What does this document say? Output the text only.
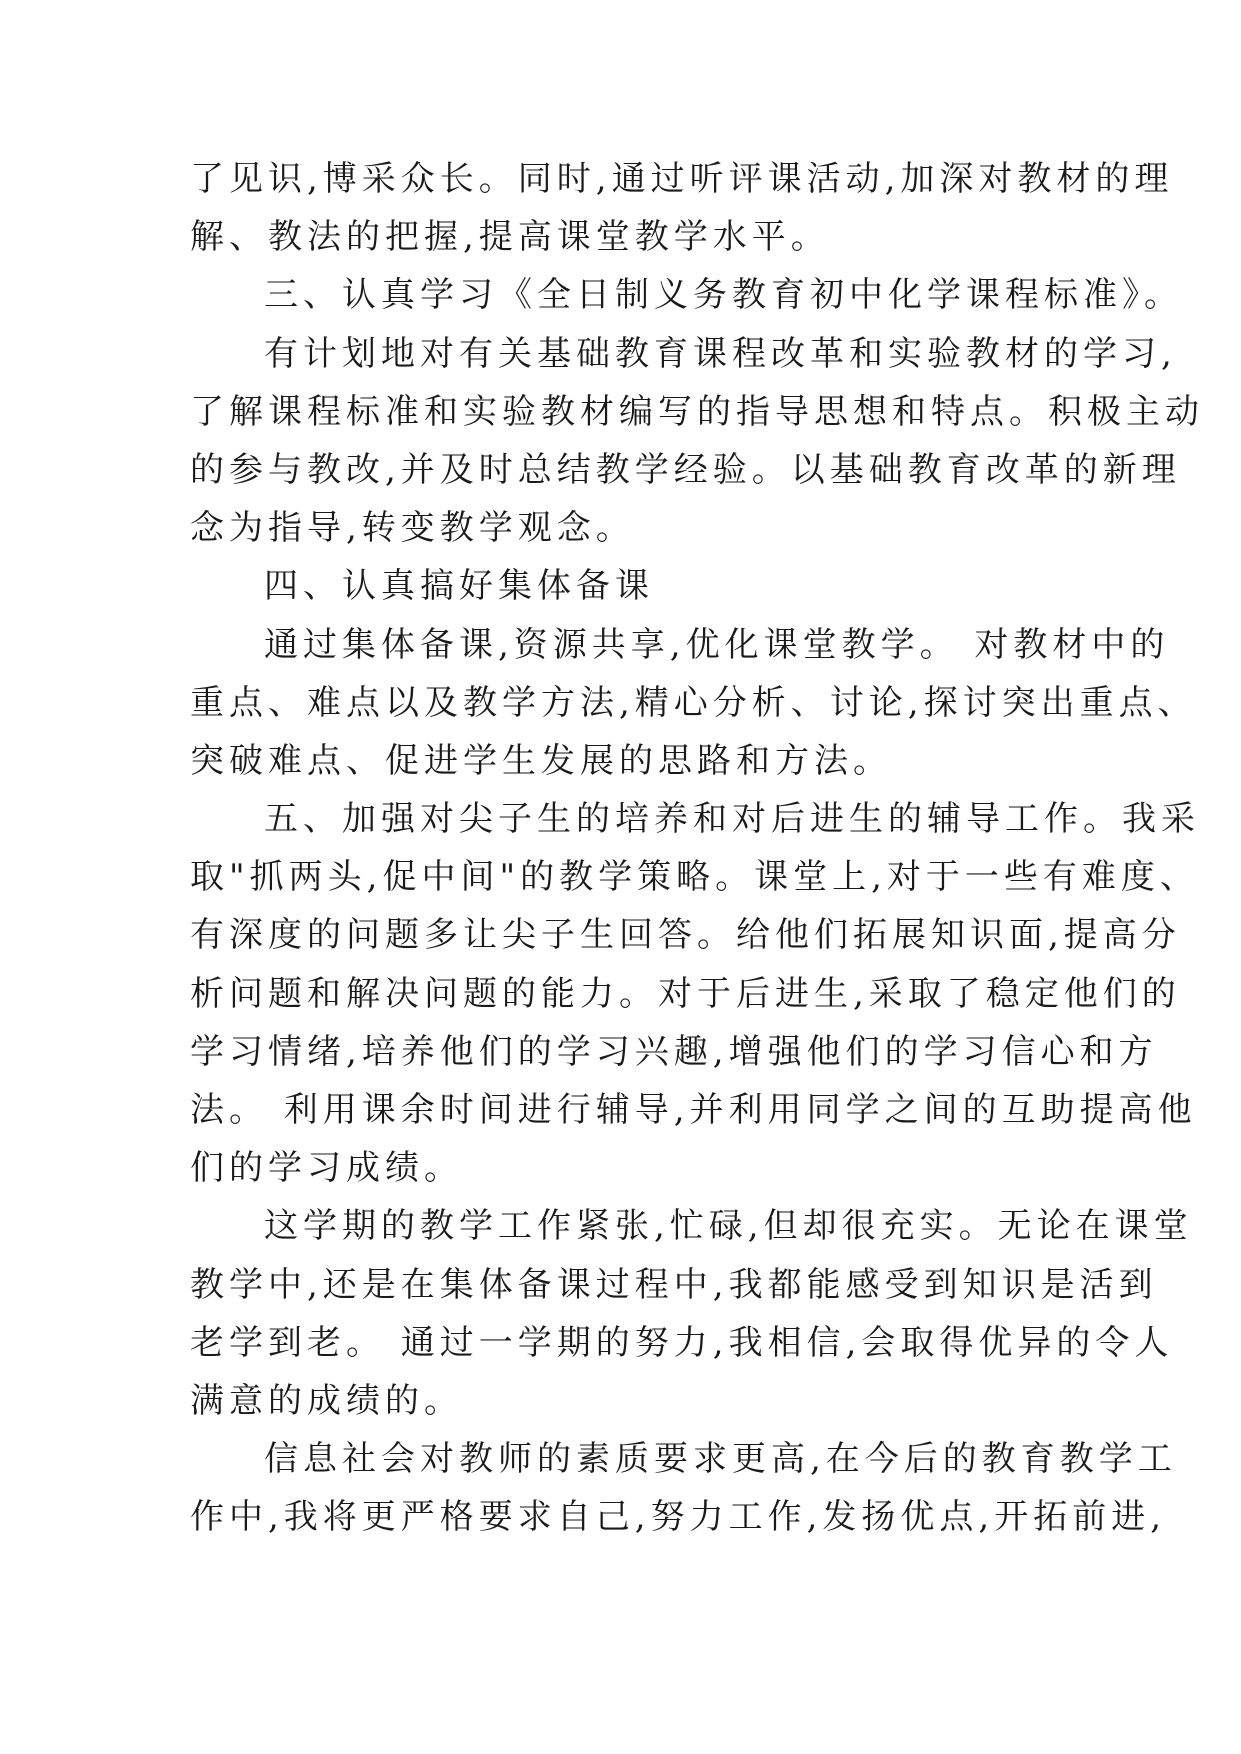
了见识,博采众长。同时,通过听评课活动,加深对教材的理
解、教法的把握,提高课堂教学水平。
三、认真学习《全日制义务教育初中化学课程标准》。
有计划地对有关基础教育课程改革和实验教材的学习,
了解课程标准和实验教材编写的指导思想和特点。积极主动
的参与教改,并及时总结教学经验。以基础教育改革的新理
念为指导,转变教学观念。
四、认真搞好集体备课
通过集体备课,资源共享,优化课堂教学。 对教材中的
重点、难点以及教学方法,精心分析、讨论,探讨突出重点、
突破难点、促进学生发展的思路和方法。
五、加强对尖子生的培养和对后进生的辅导工作。我采
取"抓两头,促中间"的教学策略。课堂上,对于一些有难度、
有深度的问题多让尖子生回答。给他们拓展知识面,提高分
析问题和解决问题的能力。对于后进生,采取了稳定他们的
学习情绪,培养他们的学习兴趣,增强他们的学习信心和方
法。 利用课余时间进行辅导,并利用同学之间的互助提高他
们的学习成绩。
这学期的教学工作紧张,忙碌,但却很充实。无论在课堂
教学中,还是在集体备课过程中,我都能感受到知识是活到
老学到老。 通过一学期的努力,我相信,会取得优异的令人
满意的成绩的。
信息社会对教师的素质要求更高,在今后的教育教学工
作中,我将更严格要求自己,努力工作,发扬优点,开拓前进,
